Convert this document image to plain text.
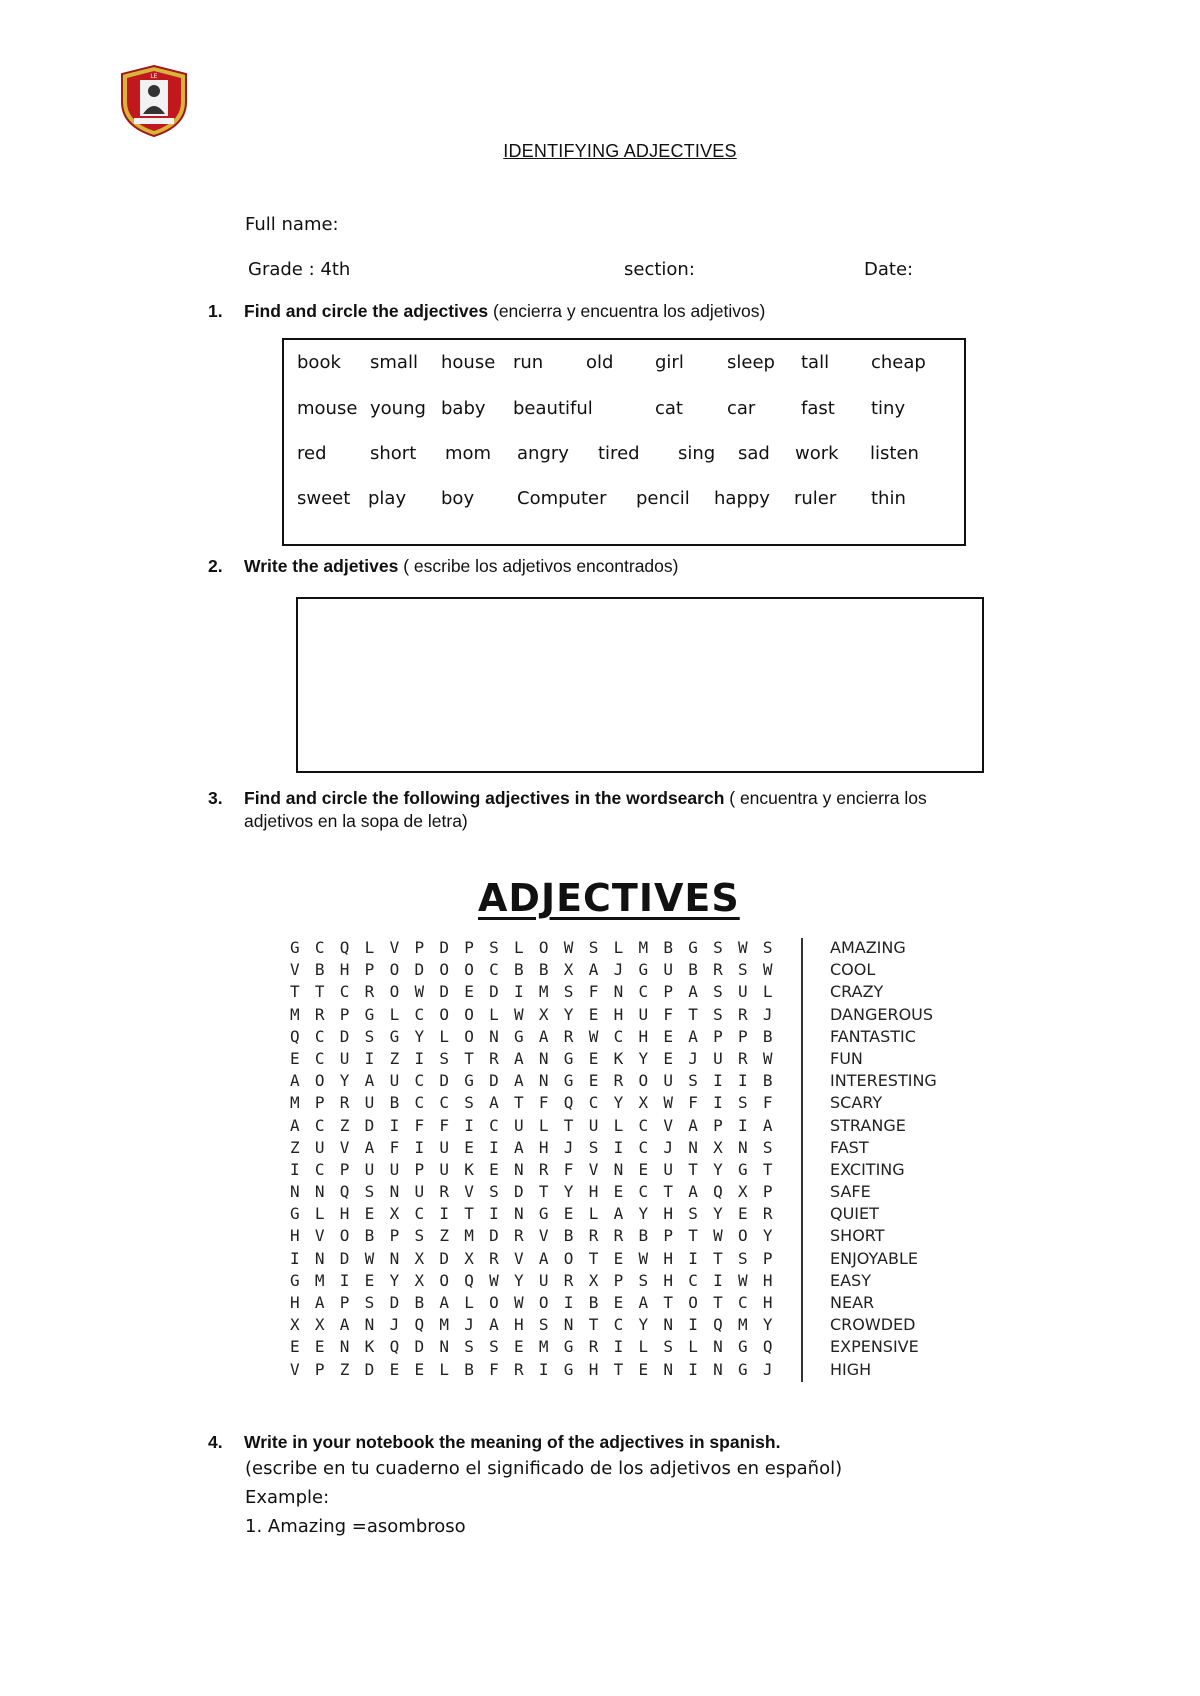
LE
IDENTIFYING ADJECTIVES
Full name:
Grade : 4th	section:	Date:
1. Find and circle the adjectives (encierra y encuentra los adjetivos)
book small house run old girl sleep tall cheap
mouse young baby beautiful	cat car	fast tiny
red short mom angry tired sing sad work listen
sweet play boy Computer pencil happy ruler thin
2. Write the adjetives ( escribe los adjetivos encontrados)
3. Find and circle the following adjectives in the wordsearch ( encuentra y encierra los
adjetivos en la sopa de letra)
ADJECTIVES
G C Q L V P D P S L O W S L M B G S W S
V B H P O D O O C B B X A J G U B R S W
T T C R O W D E D I M S F N C P A S U L
M R P G L C O O L W X Y E H U F T S R J
Q C D S G Y L O N G A R W C H E A P P B
E C U I Z I S T R A N G E K Y E J U R W
A O Y A U C D G D A N G E R O U S I I B
M P R U B C C S A T F Q C Y X W F I S F
A C Z D I F F I C U L T U L C V A P I A
Z U V A F I U E I A H J S I C J N X N S
I C P U U P U K E N R F V N E U T Y G T
N N Q S N U R V S D T Y H E C T A Q X P
G L H E X C I T I N G E L A Y H S Y E R
H V O B P S Z M D R V B R R B P T W O Y
I N D W N X D X R V A O T E W H I T S P
G M I E Y X O Q W Y U R X P S H C I W H
H A P S D B A L O W O I B E A T O T C H
X X A N J Q M J A H S N T C Y N I Q M Y
E E N K Q D N S S E M G R I L S L N G Q
V P Z D E E L B F R I G H T E N I N G J
AMAZING
COOL
CRAZY
DANGEROUS
FANTASTIC
FUN
INTERESTING
SCARY
STRANGE
FAST
EXCITING
SAFE
QUIET
SHORT
ENJOYABLE
EASY
NEAR
CROWDED
EXPENSIVE
HIGH
4. Write in your notebook the meaning of the adjectives in spanish.
(escribe en tu cuaderno el significado de los adjetivos en español)
Example:
1. Amazing =asombroso
